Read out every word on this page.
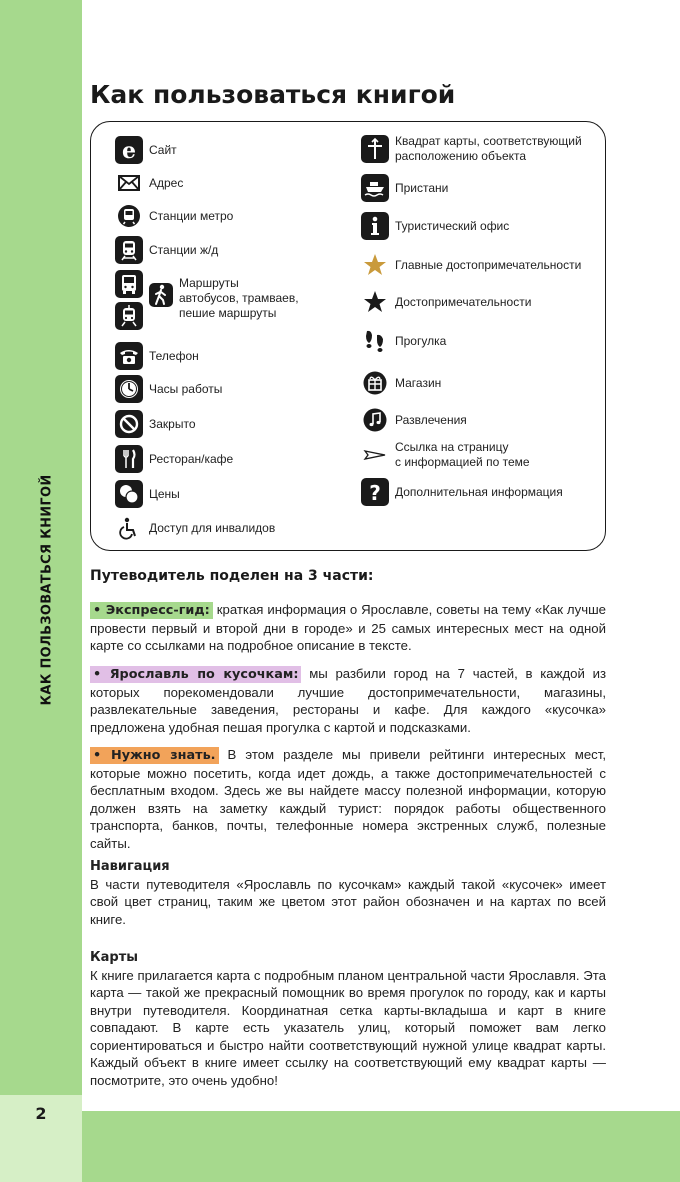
КАК ПОЛЬЗОВАТЬСЯ КНИГОЙ
2
Как пользоваться книгой
e Сайт
Адрес
Станции метро
Станции ж/д
Маршруты
автобусов, трамваев,
пешие маршруты
Телефон
Часы работы
Закрыто
Ресторан/кафе
Цены
Доступ для инвалидов
Квадрат карты, соответствующий
расположению объекта
Пристани
Туристический офис
Главные достопримечательности
Достопримечательности
Прогулка
Магазин
Развлечения
Ссылка на страницу
с информацией по теме
? Дополнительная информация
Путеводитель поделен на 3 части:
• Экспресс-гид: краткая информация о Ярославле, советы на тему «Как лучше провести первый и второй дни в городе» и 25 самых интересных мест на одной карте со ссылками на подробное описание в тексте.
• Ярославль по кусочкам: мы разбили город на 7 частей, в каждой из которых порекомендовали лучшие достопримечательности, магазины, развлекательные заведения, рестораны и кафе. Для каждого «кусочка» предложена удобная пешая прогулка с картой и подсказками.
• Нужно знать. В этом разделе мы привели рейтинги интересных мест, которые можно посетить, когда идет дождь, а также достопримечательностей с бесплатным входом. Здесь же вы найдете массу полезной информации, которую должен взять на заметку каждый турист: порядок работы общественного транспорта, банков, почты, телефонные номера экстренных служб, полезные сайты.
Навигация
В части путеводителя «Ярославль по кусочкам» каждый такой «кусочек» имеет свой цвет страниц, таким же цветом этот район обозначен и на картах по всей книге.
Карты
К книге прилагается карта с подробным планом центральной части Ярославля. Эта карта — такой же прекрасный помощник во время прогулок по городу, как и карты внутри путеводителя. Координатная сетка карты-вкладыша и карт в книге совпадают. В карте есть указатель улиц, который поможет вам легко сориентироваться и быстро найти соответствующий нужной улице квадрат карты. Каждый объект в книге имеет ссылку на соответствующий ему квадрат карты — посмотрите, это очень удобно!
